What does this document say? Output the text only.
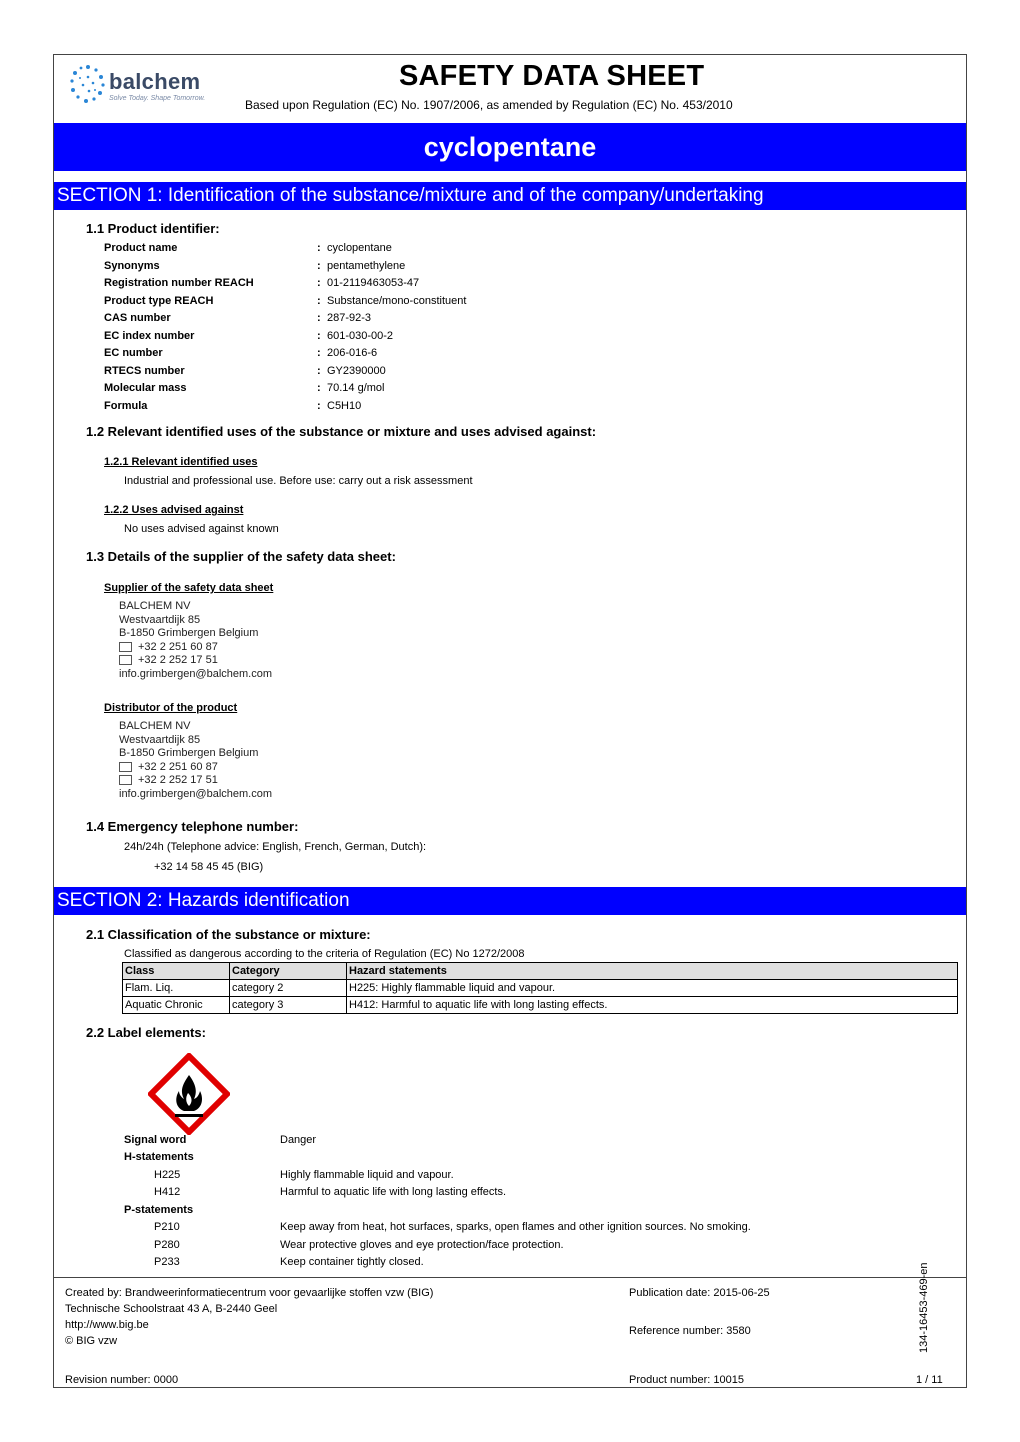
balchem
Solve Today. Shape Tomorrow.
SAFETY DATA SHEET
Based upon Regulation (EC) No. 1907/2006, as amended by Regulation (EC) No. 453/2010
cyclopentane
SECTION 1: Identification of the substance/mixture and of the company/undertaking
1.1 Product identifier:
Product name	: cyclopentane
Synonyms	: pentamethylene
Registration number REACH	: 01-2119463053-47
Product type REACH	: Substance/mono-constituent
CAS number	: 287-92-3
EC index number	: 601-030-00-2
EC number	: 206-016-6
RTECS number	: GY2390000
Molecular mass	: 70.14 g/mol
Formula	: C5H10
1.2 Relevant identified uses of the substance or mixture and uses advised against:
1.2.1 Relevant identified uses
Industrial and professional use. Before use: carry out a risk assessment
1.2.2 Uses advised against
No uses advised against known
1.3 Details of the supplier of the safety data sheet:
Supplier of the safety data sheet
BALCHEM NV
Westvaartdijk 85
B-1850 Grimbergen Belgium
+32 2 251 60 87
+32 2 252 17 51
info.grimbergen@balchem.com
Distributor of the product
BALCHEM NV
Westvaartdijk 85
B-1850 Grimbergen Belgium
+32 2 251 60 87
+32 2 252 17 51
info.grimbergen@balchem.com
1.4 Emergency telephone number:
24h/24h (Telephone advice: English, French, German, Dutch):
+32 14 58 45 45 (BIG)
SECTION 2: Hazards identification
2.1 Classification of the substance or mixture:
Classified as dangerous according to the criteria of Regulation (EC) No 1272/2008
Class	Category	Hazard statements
Flam. Liq.	category 2	H225: Highly flammable liquid and vapour.
Aquatic Chronic	category 3	H412: Harmful to aquatic life with long lasting effects.
2.2 Label elements:
Signal word	Danger
H-statements
H225	Highly flammable liquid and vapour.
H412	Harmful to aquatic life with long lasting effects.
P-statements
P210	Keep away from heat, hot surfaces, sparks, open flames and other ignition sources. No smoking.
P280	Wear protective gloves and eye protection/face protection.
P233	Keep container tightly closed.
Created by: Brandweerinformatiecentrum voor gevaarlijke stoffen vzw (BIG)
Technische Schoolstraat 43 A, B-2440 Geel
http://www.big.be
© BIG vzw
Publication date: 2015-06-25
Reference number: 3580	134-16453-469-en
Revision number: 0000	Product number: 10015	1 / 11
